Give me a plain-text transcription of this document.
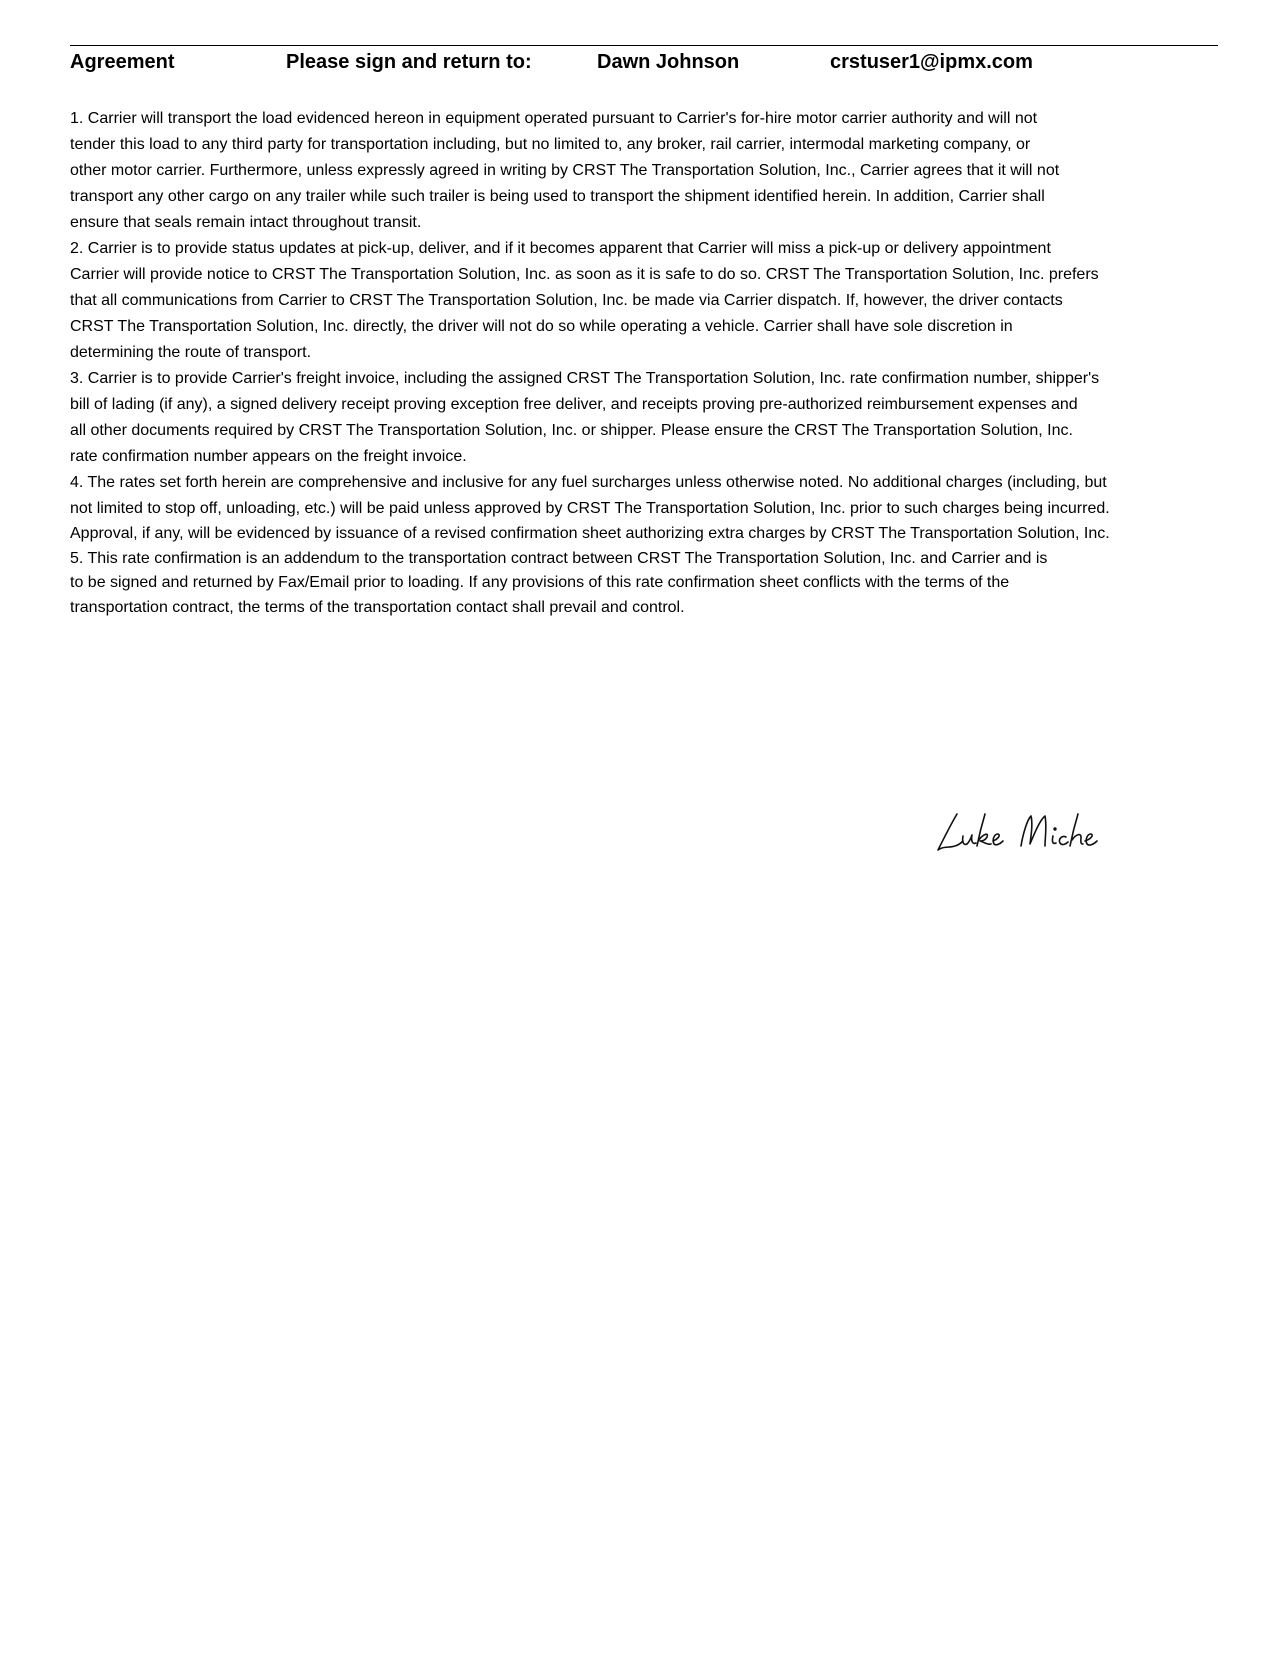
Agreement	Please sign and return to:	Dawn Johnson	crstuser1@ipmx.com
1. Carrier will transport the load evidenced hereon in equipment operated pursuant to Carrier's for-hire motor carrier authority and will not
tender this load to any third party for transportation including, but no limited to, any broker, rail carrier, intermodal marketing company, or
other motor carrier. Furthermore, unless expressly agreed in writing by CRST The Transportation Solution, Inc., Carrier agrees that it will not
transport any other cargo on any trailer while such trailer is being used to transport the shipment identified herein. In addition, Carrier shall
ensure that seals remain intact throughout transit.
2. Carrier is to provide status updates at pick-up, deliver, and if it becomes apparent that Carrier will miss a pick-up or delivery appointment
Carrier will provide notice to CRST The Transportation Solution, Inc. as soon as it is safe to do so. CRST The Transportation Solution, Inc. prefers
that all communications from Carrier to CRST The Transportation Solution, Inc. be made via Carrier dispatch. If, however, the driver contacts
CRST The Transportation Solution, Inc. directly, the driver will not do so while operating a vehicle. Carrier shall have sole discretion in
determining the route of transport.
3. Carrier is to provide Carrier's freight invoice, including the assigned CRST The Transportation Solution, Inc. rate confirmation number, shipper's
bill of lading (if any), a signed delivery receipt proving exception free deliver, and receipts proving pre-authorized reimbursement expenses and
all other documents required by CRST The Transportation Solution, Inc. or shipper. Please ensure the CRST The Transportation Solution, Inc.
rate confirmation number appears on the freight invoice.
4. The rates set forth herein are comprehensive and inclusive for any fuel surcharges unless otherwise noted. No additional charges (including, but
not limited to stop off, unloading, etc.) will be paid unless approved by CRST The Transportation Solution, Inc. prior to such charges being incurred.
Approval, if any, will be evidenced by issuance of a revised confirmation sheet authorizing extra charges by CRST The Transportation Solution, Inc.
5. This rate confirmation is an addendum to the transportation contract between CRST The Transportation Solution, Inc. and Carrier and is
to be signed and returned by Fax/Email prior to loading. If any provisions of this rate confirmation sheet conflicts with the terms of the
transportation contract, the terms of the transportation contact shall prevail and control.
